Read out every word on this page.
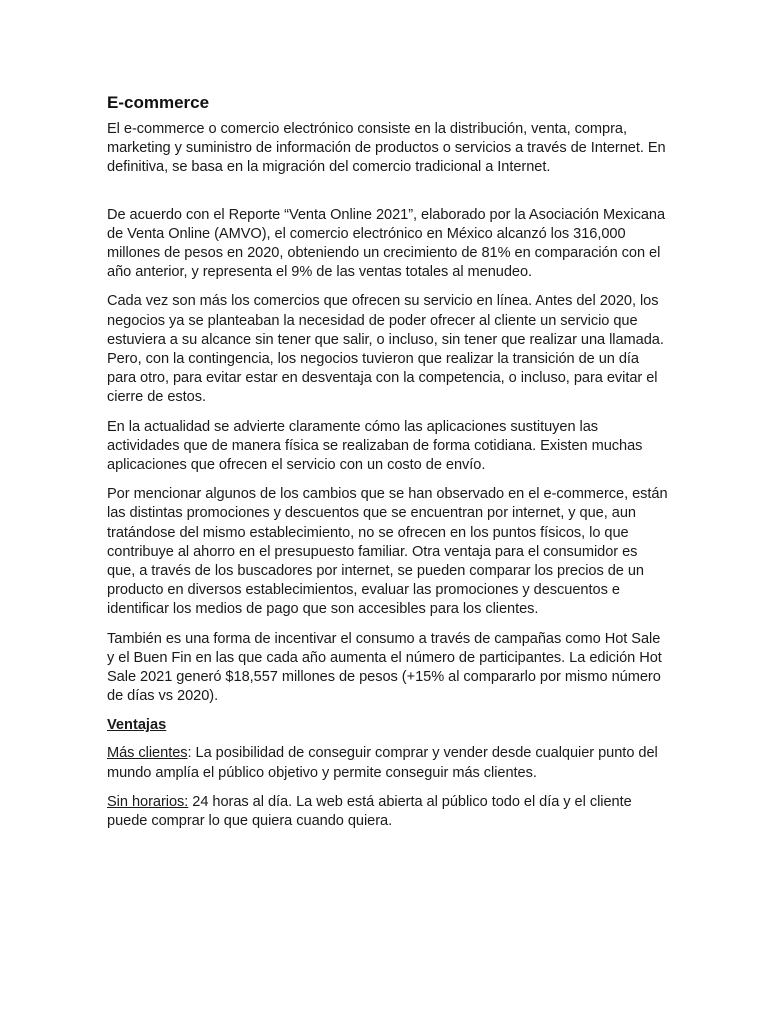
E-commerce

El e-commerce o comercio electrónico consiste en la distribución, venta, compra, marketing y suministro de información de productos o servicios a través de Internet. En definitiva, se basa en la migración del comercio tradicional a Internet.

De acuerdo con el Reporte “Venta Online 2021”, elaborado por la Asociación Mexicana de Venta Online (AMVO), el comercio electrónico en México alcanzó los 316,000 millones de pesos en 2020, obteniendo un crecimiento de 81% en comparación con el año anterior, y representa el 9% de las ventas totales al menudeo.

Cada vez son más los comercios que ofrecen su servicio en línea. Antes del 2020, los negocios ya se planteaban la necesidad de poder ofrecer al cliente un servicio que estuviera a su alcance sin tener que salir, o incluso, sin tener que realizar una llamada. Pero, con la contingencia, los negocios tuvieron que realizar la transición de un día para otro, para evitar estar en desventaja con la competencia, o incluso, para evitar el cierre de estos.

En la actualidad se advierte claramente cómo las aplicaciones sustituyen las actividades que de manera física se realizaban de forma cotidiana. Existen muchas aplicaciones que ofrecen el servicio con un costo de envío.

Por mencionar algunos de los cambios que se han observado en el e-commerce, están las distintas promociones y descuentos que se encuentran por internet, y que, aun tratándose del mismo establecimiento, no se ofrecen en los puntos físicos, lo que contribuye al ahorro en el presupuesto familiar. Otra ventaja para el consumidor es que, a través de los buscadores por internet, se pueden comparar los precios de un producto en diversos establecimientos, evaluar las promociones y descuentos e identificar los medios de pago que son accesibles para los clientes.

También es una forma de incentivar el consumo a través de campañas como Hot Sale y el Buen Fin en las que cada año aumenta el número de participantes. La edición Hot Sale 2021 generó $18,557 millones de pesos (+15% al compararlo por mismo número de días vs 2020).

Ventajas

Más clientes: La posibilidad de conseguir comprar y vender desde cualquier punto del mundo amplía el público objetivo y permite conseguir más clientes.

Sin horarios: 24 horas al día. La web está abierta al público todo el día y el cliente puede comprar lo que quiera cuando quiera.
